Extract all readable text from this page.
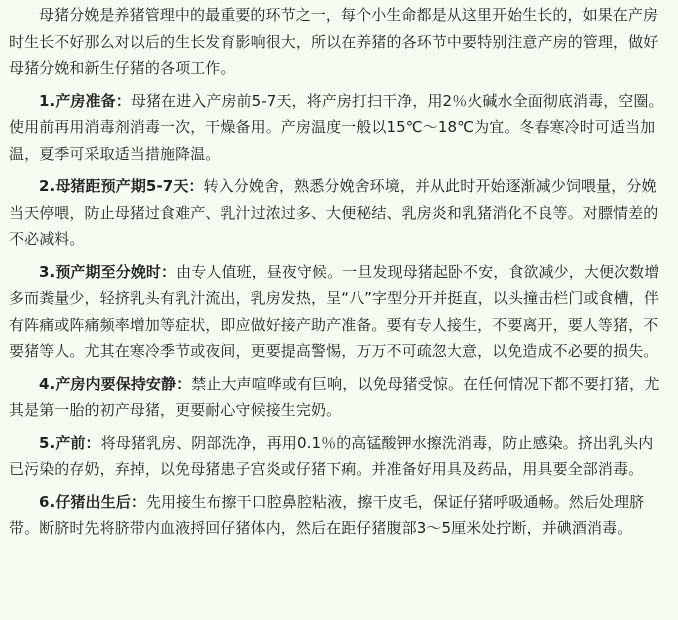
母猪分娩是养猪管理中的最重要的环节之一，每个小生命都是从这里开始生长的，如果在产房时生长不好那么对以后的生长发育影响很大，所以在养猪的各环节中要特别注意产房的管理，做好母猪分娩和新生仔猪的各项工作。

1.产房准备：母猪在进入产房前5-7天，将产房打扫干净，用2％火碱水全面彻底消毒，空圈。使用前再用消毒剂消毒一次，干燥备用。产房温度一般以15℃～18℃为宜。冬春寒冷时可适当加温，夏季可采取适当措施降温。

2.母猪距预产期5-7天：转入分娩舍，熟悉分娩舍环境，并从此时开始逐渐减少饲喂量，分娩当天停喂，防止母猪过食难产、乳汁过浓过多、大便秘结、乳房炎和乳猪消化不良等。对膘情差的不必减料。

3.预产期至分娩时：由专人值班，昼夜守候。一旦发现母猪起卧不安，食欲减少，大便次数增多而粪量少，轻挤乳头有乳汁流出，乳房发热，呈“八”字型分开并挺直，以头撞击栏门或食槽，伴有阵痛或阵痛频率增加等症状，即应做好接产助产准备。要有专人接生，不要离开，要人等猪，不要猪等人。尤其在寒冷季节或夜间，更要提高警惕，万万不可疏忽大意，以免造成不必要的损失。

4.产房内要保持安静：禁止大声喧哗或有巨响，以免母猪受惊。在任何情况下都不要打猪，尤其是第一胎的初产母猪，更要耐心守候接生完奶。

5.产前：将母猪乳房、阴部洗净，再用0.1％的高锰酸钾水擦洗消毒，防止感染。挤出乳头内已污染的存奶，弃掉，以免母猪患子宫炎或仔猪下痢。并准备好用具及药品，用具要全部消毒。

6.仔猪出生后：先用接生布擦干口腔鼻腔粘液，擦干皮毛，保证仔猪呼吸通畅。然后处理脐带。断脐时先将脐带内血液捋回仔猪体内，然后在距仔猪腹部3～5厘米处拧断，并碘酒消毒。
